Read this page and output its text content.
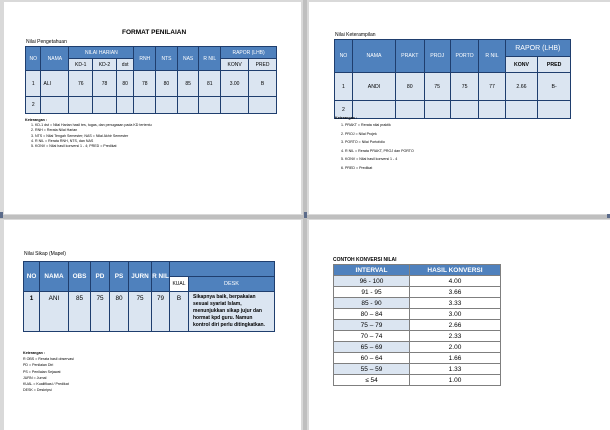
FORMAT PENILAIAN
Nilai Pengetahuan
NO	NAMA	NILAI HARIAN			RNH	NTS	NAS	R NIL	RAPOR (LHB)	
		KD-1	KD-2	dst					KONV	PRED
1	ALI	76	78	80	78	80	85	81	3.00	B
2										
Keterangan :
1. KD-1 dst = Nilai Harian hasil tes, tugas, dan penugasan pada KD tertentu
2. RNH = Rerata Nilai Harian
3. NTS = Nilai Tengah Semester; NAS = Nilai Akhir Semester
4. R NIL = Rerata RNH, NTS, dan NAS
5. KONV = Nilai hasil konversi 1 - 4; PRED = Predikat
Nilai Keterampilan
NO	NAMA	PRAKT	PROJ	PORTO	R NIL	RAPOR (LHB)	
						KONV	PRED
1	ANDI	80	75	75	77	2.66	B-
2							
Keterangan :
1. PRAKT = Rerata nilai praktik
2. PROJ = Nilai Projek
3. PORTO = Nilai Portofolio
4. R NIL = Rerata PRAKT, PROJ dan PORTO
5. KONV = Nilai hasil konversi 1 - 4
6. PRED = Predikat
Nilai Sikap (Mapel)
NO	NAMA	OBS	PD	PS	JURN	R NIL		
							KUAL	DESK
1	ANI	85	75	80	75	79	B	Sikapnya baik, berpakaian sesuai syariat Islam, menunjukkan sikap jujur dan hormat kpd guru. Namun kontrol diri perlu ditingkatkan.
Keterangan :
R OBS = Rerata hasil observasi
PD = Penilaian Diri
PS = Penilaian Sejawat
JURN = Jurnal
KUAL = Kualifikasi / Predikat
DESK = Deskripsi
CONTOH KONVERSI NILAI
INTERVAL	HASIL KONVERSI
96 - 100	4.00
91 - 95	3.66
85 - 90	3.33
80 – 84	3.00
75 – 79	2.66
70 – 74	2.33
65 – 69	2.00
60 – 64	1.66
55 – 59	1.33
≤ 54	1.00
